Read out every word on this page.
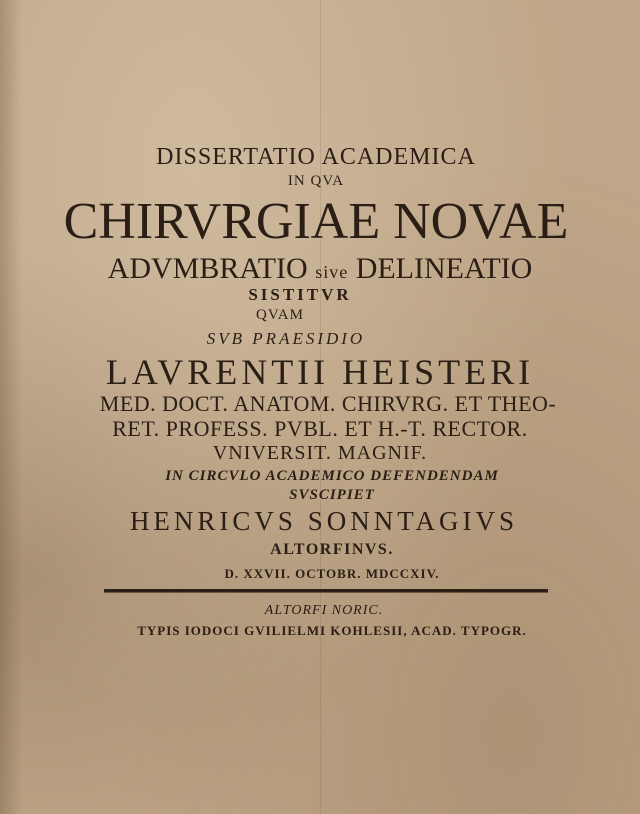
DISSERTATIO ACADEMICA
IN QVA
CHIRVRGIAE NOVAE
ADVMBRATIO sive DELINEATIO
SISTITVR
QVAM
SVB PRAESIDIO
LAVRENTII HEISTERI
MED. DOCT. ANATOM. CHIRVRG. ET THEO-
RET. PROFESS. PVBL. ET H.-T. RECTOR.
VNIVERSIT. MAGNIF.
IN CIRCVLO ACADEMICO DEFENDENDAM
SVSCIPIET
HENRICVS SONNTAGIVS
ALTORFINVS.
D. XXVII. OCTOBR. MDCCXIV.
ALTORFI NORIC.
TYPIS IODOCI GVILIELMI KOHLESII, ACAD. TYPOGR.
